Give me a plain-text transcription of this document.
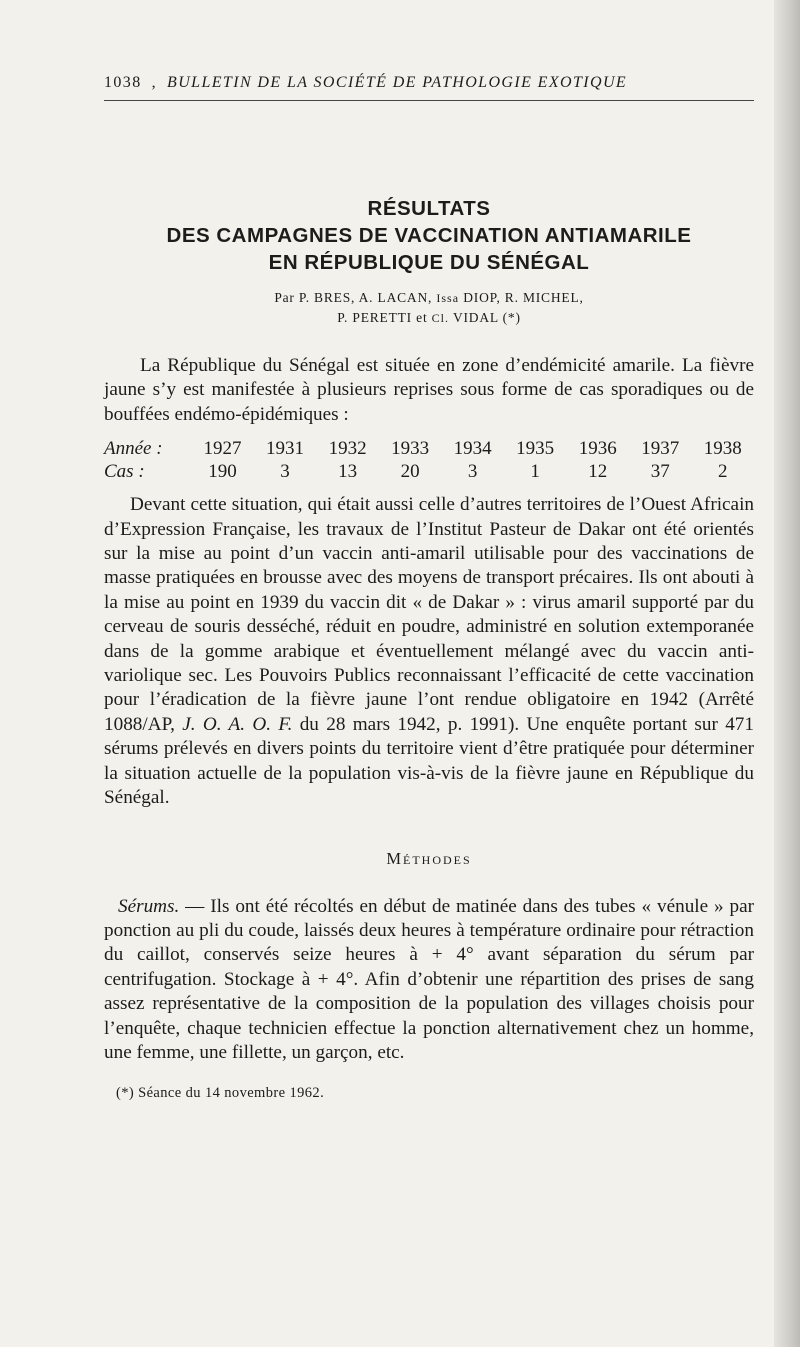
1038 , BULLETIN DE LA SOCIÉTÉ DE PATHOLOGIE EXOTIQUE
RÉSULTATS
DES CAMPAGNES DE VACCINATION ANTIAMARILE
EN RÉPUBLIQUE DU SÉNÉGAL
Par P. BRES, A. LACAN, Issa DIOP, R. MICHEL,
P. PERETTI et Cl. VIDAL (*)

La République du Sénégal est située en zone d’endémicité amarile. La fièvre jaune s’y est manifestée à plusieurs reprises sous forme de cas sporadiques ou de bouffées endémo-épidémiques :

Année :	1927	1931	1932	1933	1934	1935	1936	1937	1938
Cas :	190	3	13	20	3	1	12	37	2

Devant cette situation, qui était aussi celle d’autres territoires de l’Ouest Africain d’Expression Française, les travaux de l’Institut Pasteur de Dakar ont été orientés sur la mise au point d’un vaccin anti-amaril utilisable pour des vaccinations de masse pratiquées en brousse avec des moyens de transport précaires. Ils ont abouti à la mise au point en 1939 du vaccin dit « de Dakar » : virus amaril supporté par du cerveau de souris desséché, réduit en poudre, administré en solution extemporanée dans de la gomme arabique et éventuellement mélangé avec du vaccin anti-variolique sec. Les Pouvoirs Publics reconnaissant l’efficacité de cette vaccination pour l’éradication de la fièvre jaune l’ont rendue obligatoire en 1942 (Arrêté 1088/AP, J. O. A. O. F. du 28 mars 1942, p. 1991). Une enquête portant sur 471 sérums prélevés en divers points du territoire vient d’être pratiquée pour déterminer la situation actuelle de la population vis-à-vis de la fièvre jaune en République du Sénégal.

Méthodes

Sérums. — Ils ont été récoltés en début de matinée dans des tubes « vénule » par ponction au pli du coude, laissés deux heures à température ordinaire pour rétraction du caillot, conservés seize heures à + 4° avant séparation du sérum par centrifugation. Stockage à + 4°. Afin d’obtenir une répartition des prises de sang assez représentative de la composition de la population des villages choisis pour l’enquête, chaque technicien effectue la ponction alternativement chez un homme, une femme, une fillette, un garçon, etc.

(*) Séance du 14 novembre 1962.
